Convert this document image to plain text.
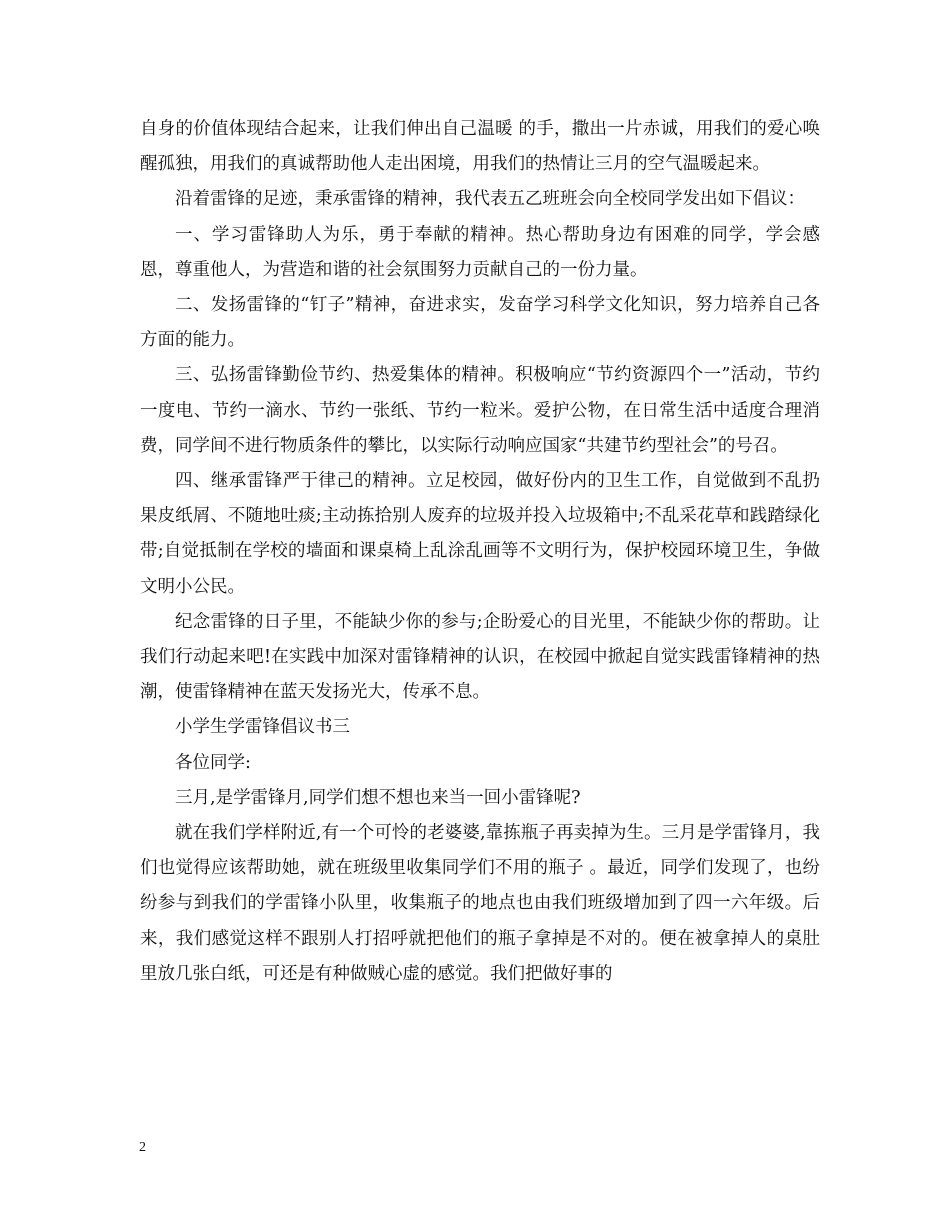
自身的价值体现结合起来，让我们伸出自己温暖 的手，撒出一片赤诚，用我们的爱心唤醒孤独，用我们的真诚帮助他人走出困境，用我们的热情让三月的空气温暖起来。

沿着雷锋的足迹，秉承雷锋的精神，我代表五乙班班会向全校同学发出如下倡议：

一、学习雷锋助人为乐，勇于奉献的精神。热心帮助身边有困难的同学，学会感恩，尊重他人，为营造和谐的社会氛围努力贡献自己的一份力量。

二、发扬雷锋的“钉子”精神，奋进求实，发奋学习科学文化知识，努力培养自己各方面的能力。

三、弘扬雷锋勤俭节约、热爱集体的精神。积极响应“节约资源四个一”活动，节约一度电、节约一滴水、节约一张纸、节约一粒米。爱护公物，在日常生活中适度合理消费，同学间不进行物质条件的攀比，以实际行动响应国家“共建节约型社会”的号召。

四、继承雷锋严于律己的精神。立足校园，做好份内的卫生工作，自觉做到不乱扔果皮纸屑、不随地吐痰;主动拣拾别人废弃的垃圾并投入垃圾箱中;不乱采花草和践踏绿化带;自觉抵制在学校的墙面和课桌椅上乱涂乱画等不文明行为，保护校园环境卫生，争做文明小公民。

纪念雷锋的日子里，不能缺少你的参与;企盼爱心的目光里，不能缺少你的帮助。让我们行动起来吧!在实践中加深对雷锋精神的认识，在校园中掀起自觉实践雷锋精神的热潮，使雷锋精神在蓝天发扬光大，传承不息。

小学生学雷锋倡议书三

各位同学:

三月,是学雷锋月,同学们想不想也来当一回小雷锋呢?

就在我们学样附近,有一个可怜的老婆婆,靠拣瓶子再卖掉为生。三月是学雷锋月，我们也觉得应该帮助她，就在班级里收集同学们不用的瓶子 。最近，同学们发现了，也纷纷参与到我们的学雷锋小队里，收集瓶子的地点也由我们班级增加到了四一六年级。后来，我们感觉这样不跟别人打招呼就把他们的瓶子拿掉是不对的。便在被拿掉人的桌肚里放几张白纸，可还是有种做贼心虚的感觉。我们把做好事的

2
